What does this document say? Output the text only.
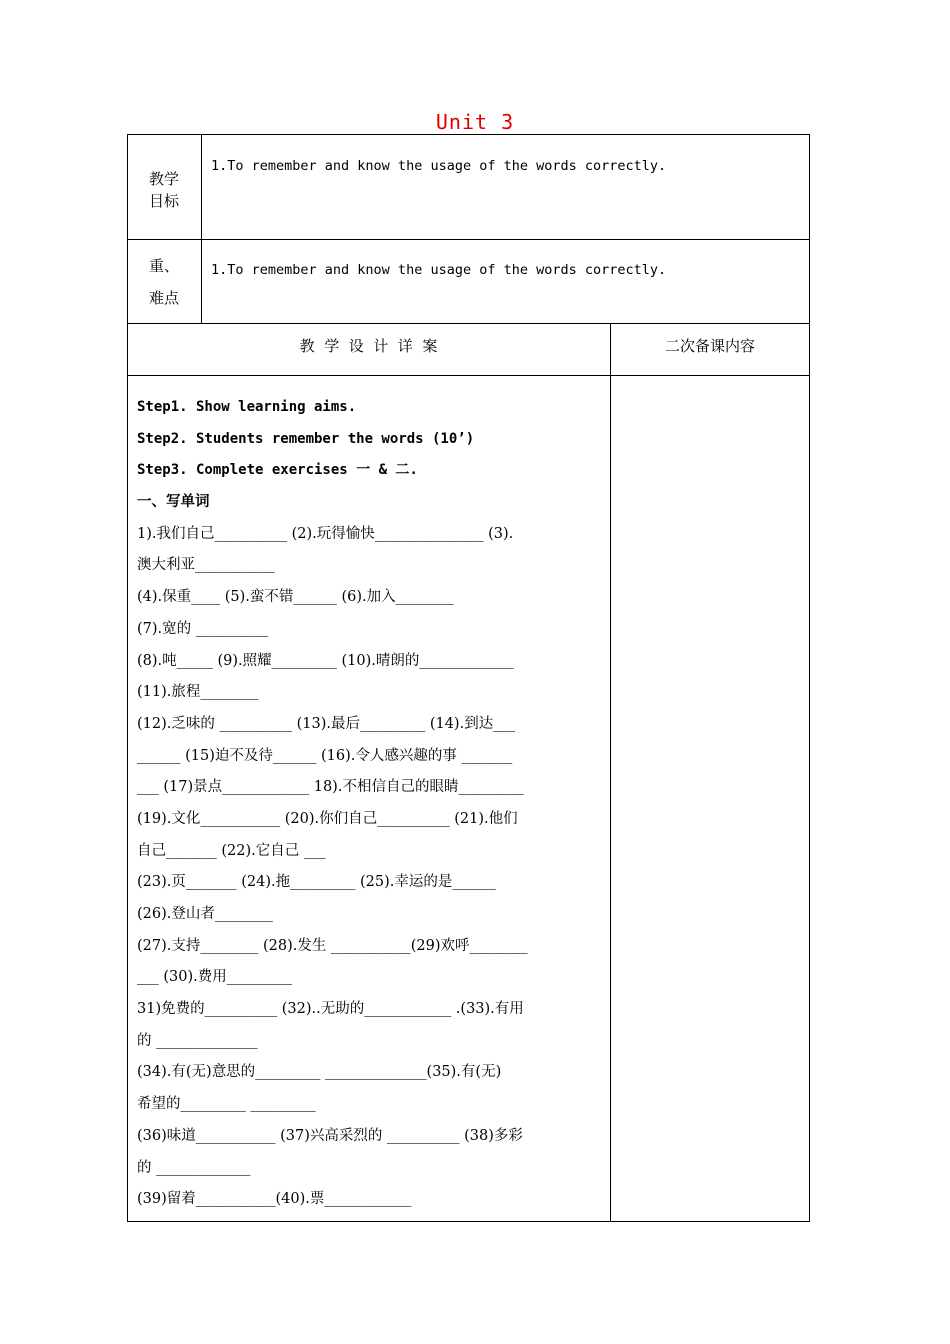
Unit 3
教学
目标
1.To remember and know the usage of the words correctly.
重、
难点
1.To remember and know the usage of the words correctly.
教  学  设  计  详  案	二次备课内容
Step1. Show learning aims.
Step2. Students remember the words (10’)
Step3. Complete exercises 一 & 二.
一、写单词
1).我们自己__________ (2).玩得愉快_______________ (3).
澳大利亚___________
(4).保重____ (5).蛮不错______ (6).加入________
(7).宽的 __________
(8).吨_____ (9).照耀_________ (10).晴朗的_____________
(11).旅程________
(12).乏味的 __________ (13).最后_________ (14).到达___
______ (15)迫不及待______ (16).令人感兴趣的事 _______
___ (17)景点____________ 18).不相信自己的眼睛_________
(19).文化___________ (20).你们自己__________ (21).他们
自己_______ (22).它自己 ___
(23).页_______ (24).拖_________ (25).幸运的是______
(26).登山者________
(27).支持________ (28).发生 ___________(29)欢呼________
___ (30).费用_________
31)免费的__________ (32)..无助的____________ .(33).有用
的 ______________
(34).有(无)意思的_________ ______________(35).有(无)
希望的_________ _________
(36)味道___________ (37)兴高采烈的 __________ (38)多彩
的 _____________
(39)留着___________(40).票____________
